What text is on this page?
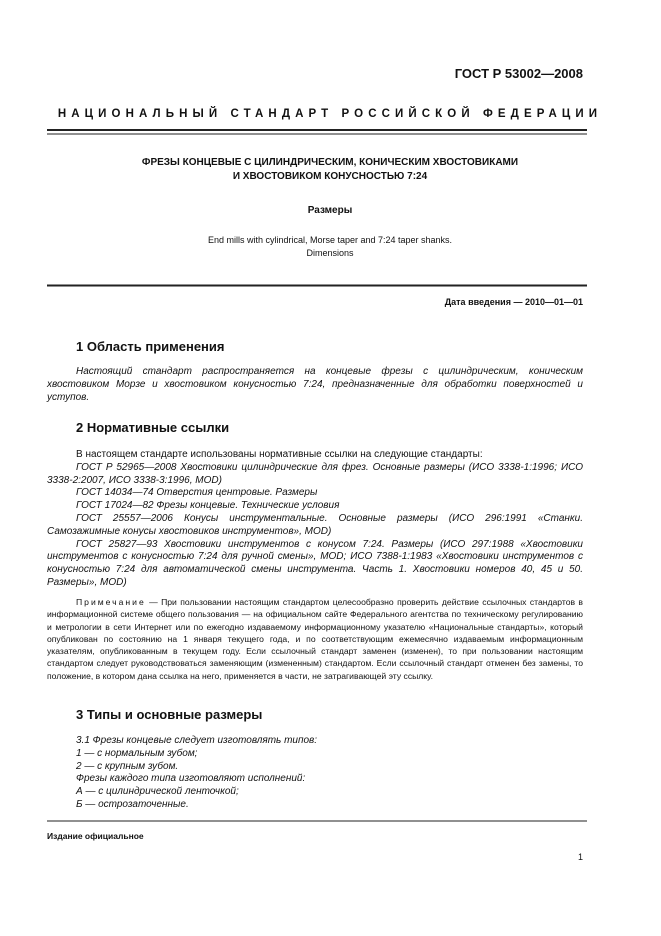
ГОСТ Р 53002—2008
НАЦИОНАЛЬНЫЙ СТАНДАРТ РОССИЙСКОЙ ФЕДЕРАЦИИ
ФРЕЗЫ КОНЦЕВЫЕ С ЦИЛИНДРИЧЕСКИМ, КОНИЧЕСКИМ ХВОСТОВИКАМИ
И ХВОСТОВИКОМ КОНУСНОСТЬЮ 7:24
Размеры
End mills with cylindrical, Morse taper and 7:24 taper shanks.
Dimensions
Дата введения — 2010—01—01
1 Область применения
Настоящий стандарт распространяется на концевые фрезы с цилиндрическим, коническим хвостовиком Морзе и хвостовиком конусностью 7:24, предназначенные для обработки поверхностей и уступов.
2 Нормативные ссылки
В настоящем стандарте использованы нормативные ссылки на следующие стандарты:
ГОСТ Р 52965—2008 Хвостовики цилиндрические для фрез. Основные размеры (ИСО 3338-1:1996; ИСО 3338-2:2007, ИСО 3338-3:1996, MOD)
ГОСТ 14034—74 Отверстия центровые. Размеры
ГОСТ 17024—82 Фрезы концевые. Технические условия
ГОСТ 25557—2006 Конусы инструментальные. Основные размеры (ИСО 296:1991 «Станки. Самозажимные конусы хвостовиков инструментов», MOD)
ГОСТ 25827—93 Хвостовики инструментов с конусом 7:24. Размеры (ИСО 297:1988 «Хвостовики инструментов с конусностью 7:24 для ручной смены», MOD; ИСО 7388-1:1983 «Хвостовики инструментов с конусностью 7:24 для автоматической смены инструмента. Часть 1. Хвостовики номеров 40, 45 и 50. Размеры», MOD)
Примечание — При пользовании настоящим стандартом целесообразно проверить действие ссылочных стандартов в информационной системе общего пользования — на официальном сайте Федерального агентства по техническому регулированию и метрологии в сети Интернет или по ежегодно издаваемому информационному указателю «Национальные стандарты», который опубликован по состоянию на 1 января текущего года, и по соответствующим ежемесячно издаваемым информационным указателям, опубликованным в текущем году. Если ссылочный стандарт заменен (изменен), то при пользовании настоящим стандартом следует руководствоваться заменяющим (измененным) стандартом. Если ссылочный стандарт отменен без замены, то положение, в котором дана ссылка на него, применяется в части, не затрагивающей эту ссылку.
3 Типы и основные размеры
3.1 Фрезы концевые следует изготовлять типов:
1 — с нормальным зубом;
2 — с крупным зубом.
Фрезы каждого типа изготовляют исполнений:
А — с цилиндрической ленточкой;
Б — острозаточенные.
Издание официальное
1
